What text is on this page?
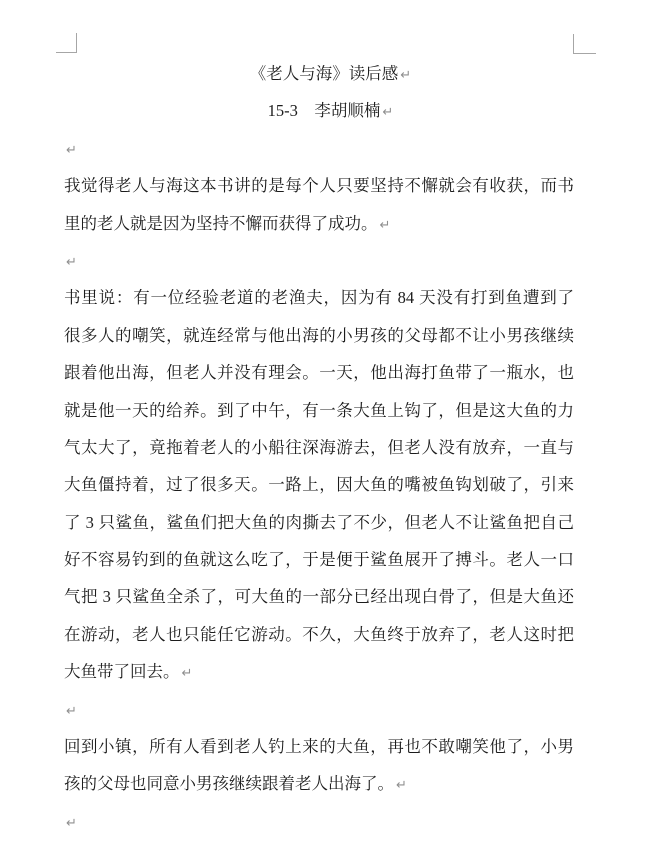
《老人与海》读后感 ↵
15-3　李胡顺楠 ↵
↵
我觉得老人与海这本书讲的是每个人只要坚持不懈就会有收获，而书
里的老人就是因为坚持不懈而获得了成功。 ↵
↵
书里说：有一位经验老道的老渔夫，因为有 84 天没有打到鱼遭到了
很多人的嘲笑，就连经常与他出海的小男孩的父母都不让小男孩继续
跟着他出海，但老人并没有理会。一天，他出海打鱼带了一瓶水，也
就是他一天的给养。到了中午，有一条大鱼上钩了，但是这大鱼的力
气太大了，竟拖着老人的小船往深海游去，但老人没有放弃，一直与
大鱼僵持着，过了很多天。一路上，因大鱼的嘴被鱼钩划破了，引来
了 3 只鲨鱼，鲨鱼们把大鱼的肉撕去了不少，但老人不让鲨鱼把自己
好不容易钓到的鱼就这么吃了，于是便于鲨鱼展开了搏斗。老人一口
气把 3 只鲨鱼全杀了，可大鱼的一部分已经出现白骨了，但是大鱼还
在游动，老人也只能任它游动。不久，大鱼终于放弃了，老人这时把
大鱼带了回去。 ↵
↵
回到小镇，所有人看到老人钓上来的大鱼，再也不敢嘲笑他了，小男
孩的父母也同意小男孩继续跟着老人出海了。 ↵
↵
